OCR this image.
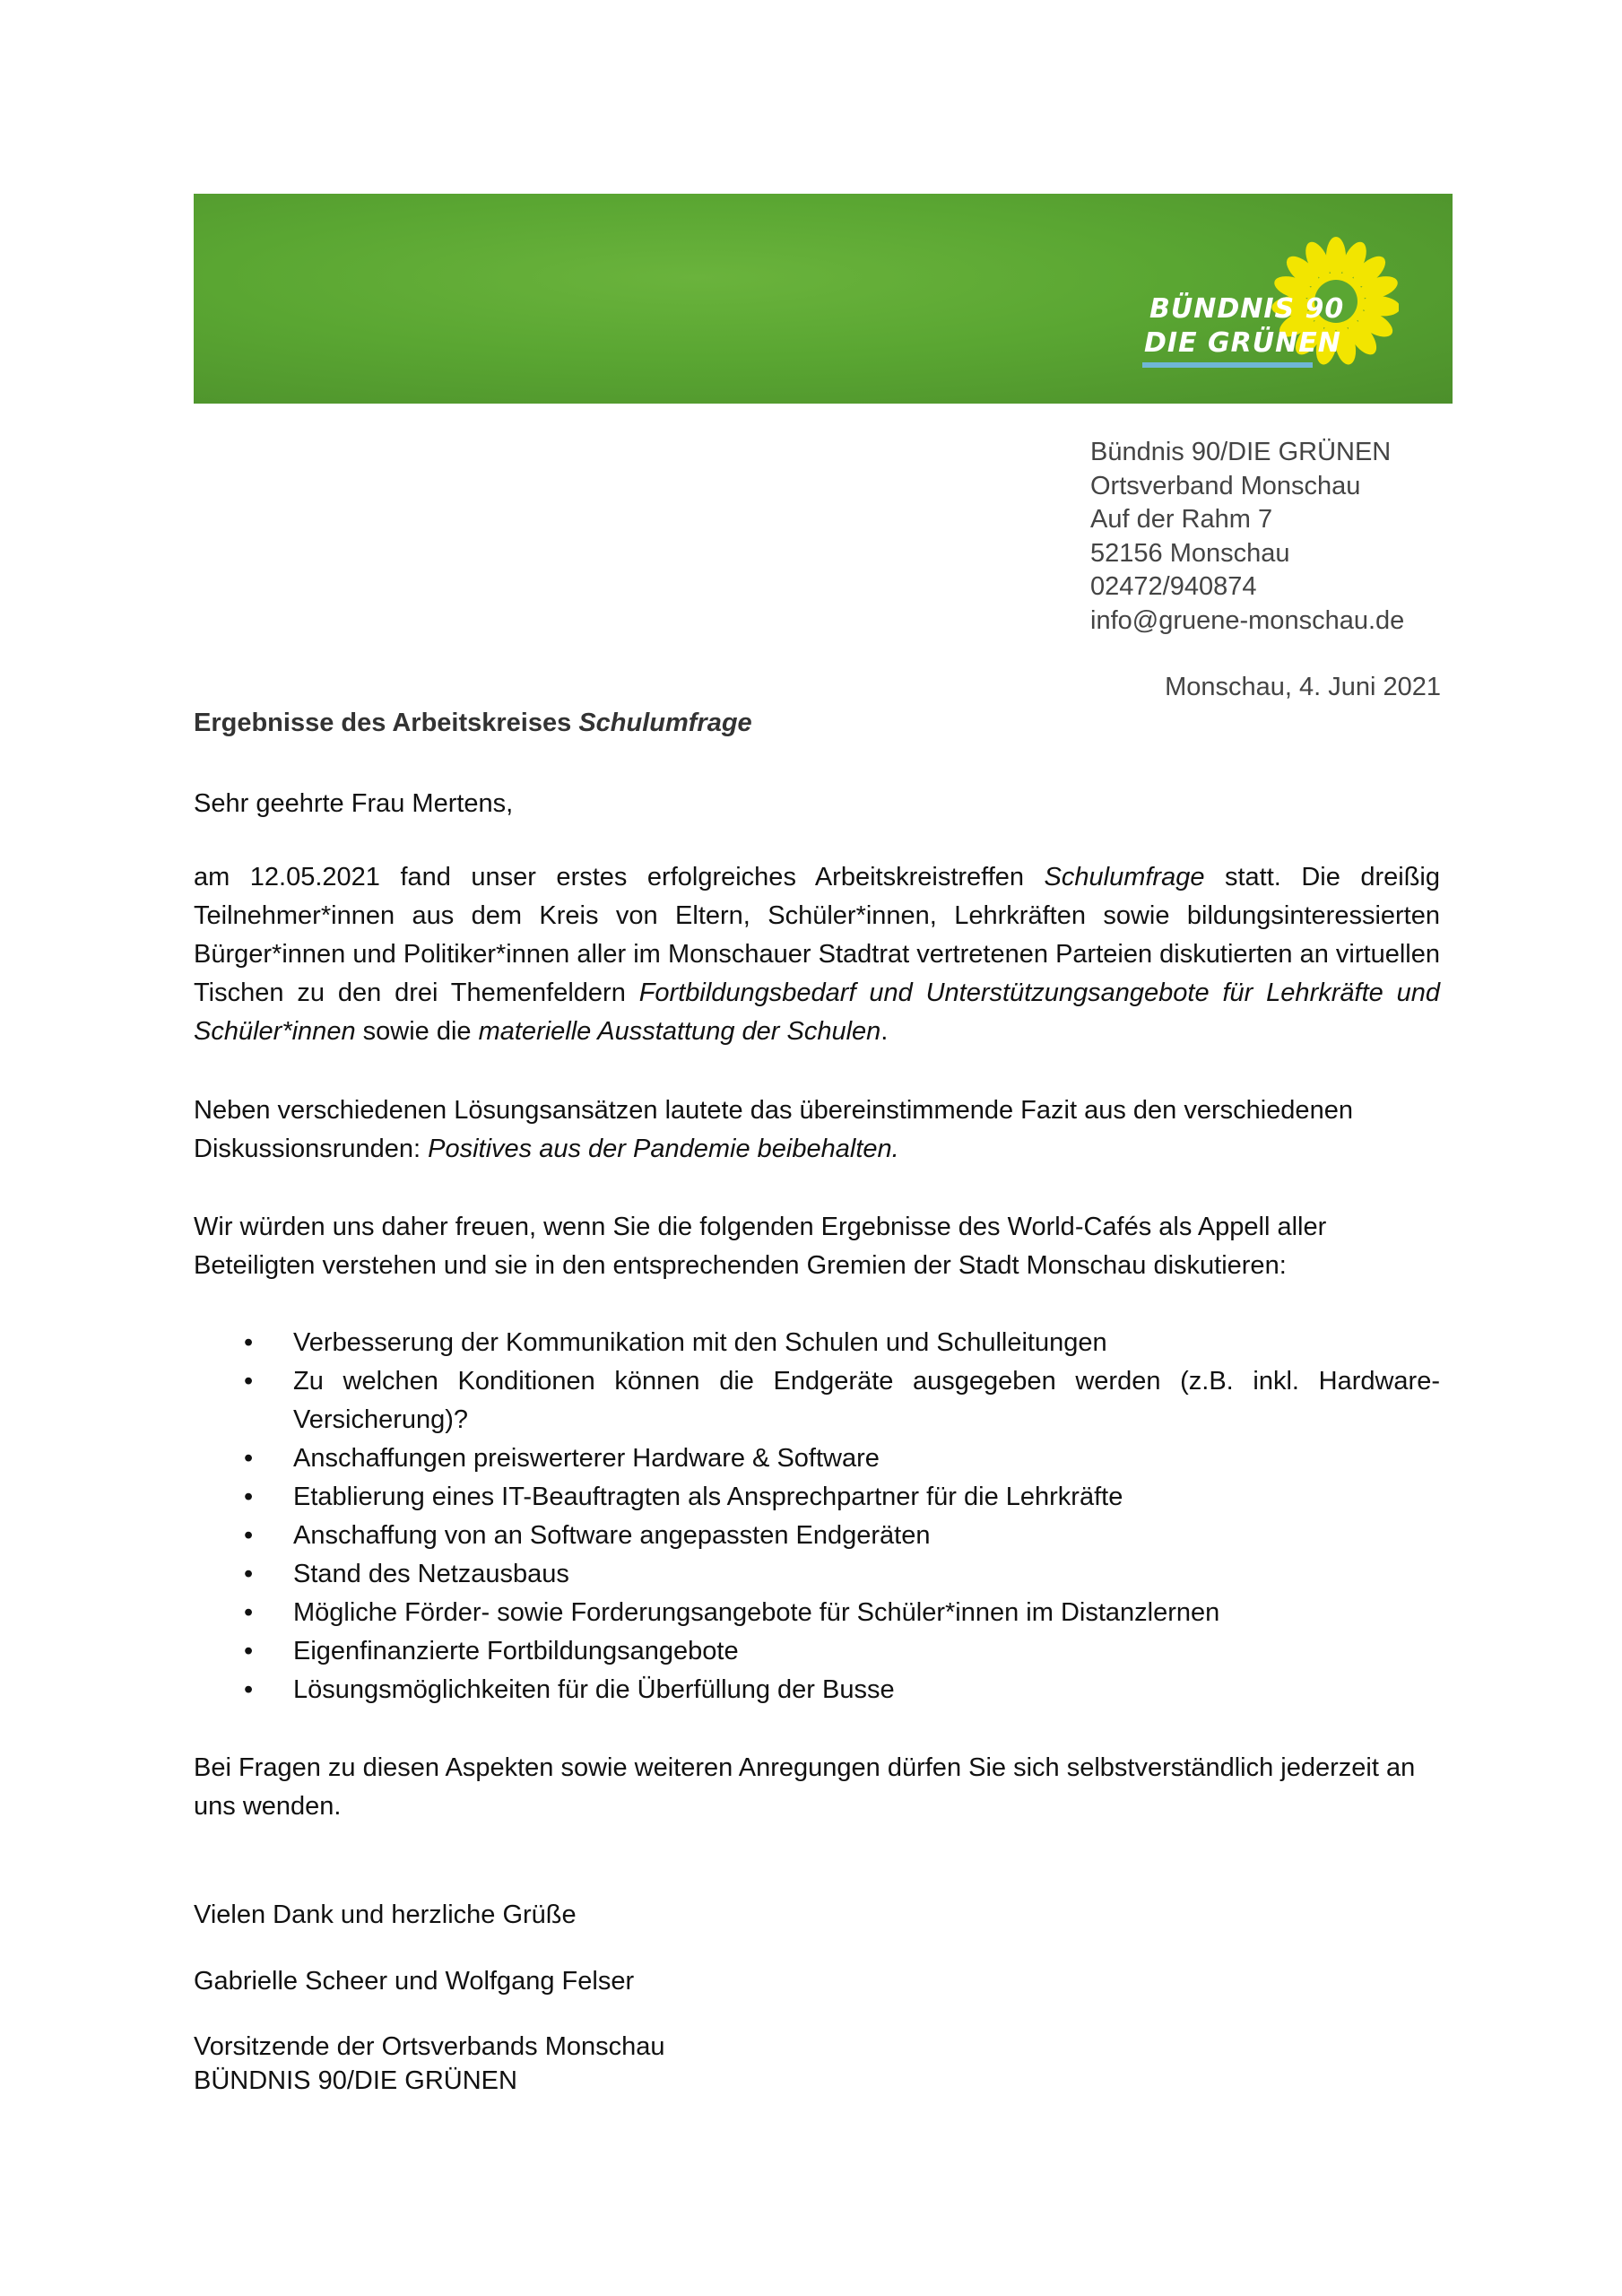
BÜNDNIS 90
DIE GRÜNEN
Bündnis 90/DIE GRÜNEN
Ortsverband Monschau
Auf der Rahm 7
52156 Monschau
02472/940874
info@gruene-monschau.de
Monschau, 4. Juni 2021
Ergebnisse des Arbeitskreises Schulumfrage
Sehr geehrte Frau Mertens,
am 12.05.2021 fand unser erstes erfolgreiches Arbeitskreistreffen Schulumfrage statt. Die dreißig Teilnehmer*innen aus dem Kreis von Eltern, Schüler*innen, Lehrkräften sowie bildungsinteressierten Bürger*innen und Politiker*innen aller im Monschauer Stadtrat vertretenen Parteien diskutierten an virtuellen Tischen zu den drei Themenfeldern Fortbildungsbedarf und Unterstützungsangebote für Lehrkräfte und Schüler*innen sowie die materielle Ausstattung der Schulen.
Neben verschiedenen Lösungsansätzen lautete das übereinstimmende Fazit aus den verschiedenen Diskussionsrunden: Positives aus der Pandemie beibehalten.
Wir würden uns daher freuen, wenn Sie die folgenden Ergebnisse des World-Cafés als Appell aller Beteiligten verstehen und sie in den entsprechenden Gremien der Stadt Monschau diskutieren:
• Verbesserung der Kommunikation mit den Schulen und Schulleitungen
• Zu welchen Konditionen können die Endgeräte ausgegeben werden (z.B. inkl. Hardware-Versicherung)?
• Anschaffungen preiswerterer Hardware & Software
• Etablierung eines IT-Beauftragten als Ansprechpartner für die Lehrkräfte
• Anschaffung von an Software angepassten Endgeräten
• Stand des Netzausbaus
• Mögliche Förder- sowie Forderungsangebote für Schüler*innen im Distanzlernen
• Eigenfinanzierte Fortbildungsangebote
• Lösungsmöglichkeiten für die Überfüllung der Busse
Bei Fragen zu diesen Aspekten sowie weiteren Anregungen dürfen Sie sich selbstverständlich jederzeit an uns wenden.
Vielen Dank und herzliche Grüße
Gabrielle Scheer und Wolfgang Felser
Vorsitzende der Ortsverbands Monschau
BÜNDNIS 90/DIE GRÜNEN
